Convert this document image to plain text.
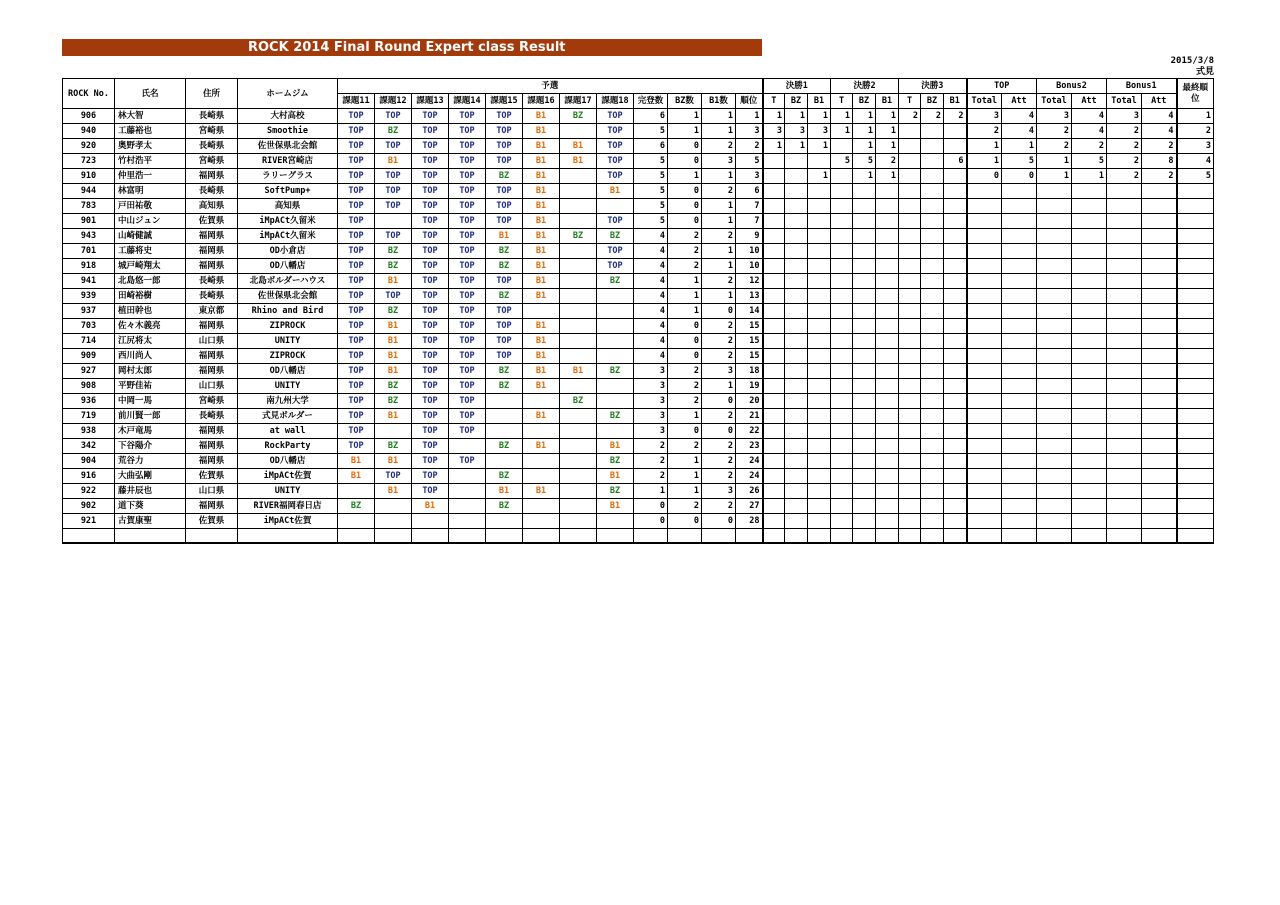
ROCK 2014 Final Round Expert class Result
2015/3/8
式見
ROCK No.	氏名	住所	ホームジム	予選												決勝1			決勝2			決勝3			TOP		Bonus2		Bonus1		最終順位
				課題11	課題12	課題13	課題14	課題15	課題16	課題17	課題18	完登数	BZ数	B1数	順位	T	BZ	B1	T	BZ	B1	T	BZ	B1	Total	Att	Total	Att	Total	Att	
906	林大智	長崎県	大村高校	TOP	TOP	TOP	TOP	TOP	B1	BZ	TOP	6	1	1	1	1	1	1	1	1	1	2	2	2	3	4	3	4	3	4	1
940	工藤裕也	宮崎県	Smoothie	TOP	BZ	TOP	TOP	TOP	B1		TOP	5	1	1	3	3	3	3	1	1	1				2	4	2	4	2	4	2
920	奥野孝太	長崎県	佐世保県北会館	TOP	TOP	TOP	TOP	TOP	B1	B1	TOP	6	0	2	2	1	1	1		1	1				1	1	2	2	2	2	3
723	竹村浩平	宮崎県	RIVER宮崎店	TOP	B1	TOP	TOP	TOP	B1	B1	TOP	5	0	3	5				5	5	2			6	1	5	1	5	2	8	4
910	仲里浩一	福岡県	ラリーグラス	TOP	TOP	TOP	TOP	BZ	B1		TOP	5	1	1	3			1		1	1				0	0	1	1	2	2	5
944	林富明	長崎県	SoftPump+	TOP	TOP	TOP	TOP	TOP	B1		B1	5	0	2	6																
783	戸田祐敬	高知県	高知県	TOP	TOP	TOP	TOP	TOP	B1			5	0	1	7																
901	中山ジュン	佐賀県	iMpACt久留米	TOP		TOP	TOP	TOP	B1		TOP	5	0	1	7																
943	山崎健誠	福岡県	iMpACt久留米	TOP	TOP	TOP	TOP	B1	B1	BZ	BZ	4	2	2	9																
701	工藤将史	福岡県	OD小倉店	TOP	BZ	TOP	TOP	BZ	B1		TOP	4	2	1	10																
918	城戸崎翔太	福岡県	OD八幡店	TOP	BZ	TOP	TOP	BZ	B1		TOP	4	2	1	10																
941	北島悠一郎	長崎県	北島ボルダーハウス	TOP	B1	TOP	TOP	TOP	B1		BZ	4	1	2	12																
939	田崎裕樹	長崎県	佐世保県北会館	TOP	TOP	TOP	TOP	BZ	B1			4	1	1	13																
937	植田幹也	東京都	Rhino and Bird	TOP	BZ	TOP	TOP	TOP				4	1	0	14																
703	佐々木義亮	福岡県	ZIPROCK	TOP	B1	TOP	TOP	TOP	B1			4	0	2	15																
714	江尻将太	山口県	UNITY	TOP	B1	TOP	TOP	TOP	B1			4	0	2	15																
909	西川尚人	福岡県	ZIPROCK	TOP	B1	TOP	TOP	TOP	B1			4	0	2	15																
927	岡村太郎	福岡県	OD八幡店	TOP	B1	TOP	TOP	BZ	B1	B1	BZ	3	2	3	18																
908	平野佳祐	山口県	UNITY	TOP	BZ	TOP	TOP	BZ	B1			3	2	1	19																
936	中岡一馬	宮崎県	南九州大学	TOP	BZ	TOP	TOP			BZ		3	2	0	20																
719	前川賢一郎	長崎県	式見ボルダー	TOP	B1	TOP	TOP		B1		BZ	3	1	2	21																
938	木戸竜馬	福岡県	at wall	TOP		TOP	TOP					3	0	0	22																
342	下谷陽介	福岡県	RockParty	TOP	BZ	TOP		BZ	B1		B1	2	2	2	23																
904	荒谷力	福岡県	OD八幡店	B1	B1	TOP	TOP				BZ	2	1	2	24																
916	大曲弘剛	佐賀県	iMpACt佐賀	B1	TOP	TOP		BZ			B1	2	1	2	24																
922	藤井辰也	山口県	UNITY		B1	TOP		B1	B1		BZ	1	1	3	26																
902	道下葵	福岡県	RIVER福岡春日店	BZ		B1		BZ			B1	0	2	2	27																
921	古賀康聖	佐賀県	iMpACt佐賀									0	0	0	28																
